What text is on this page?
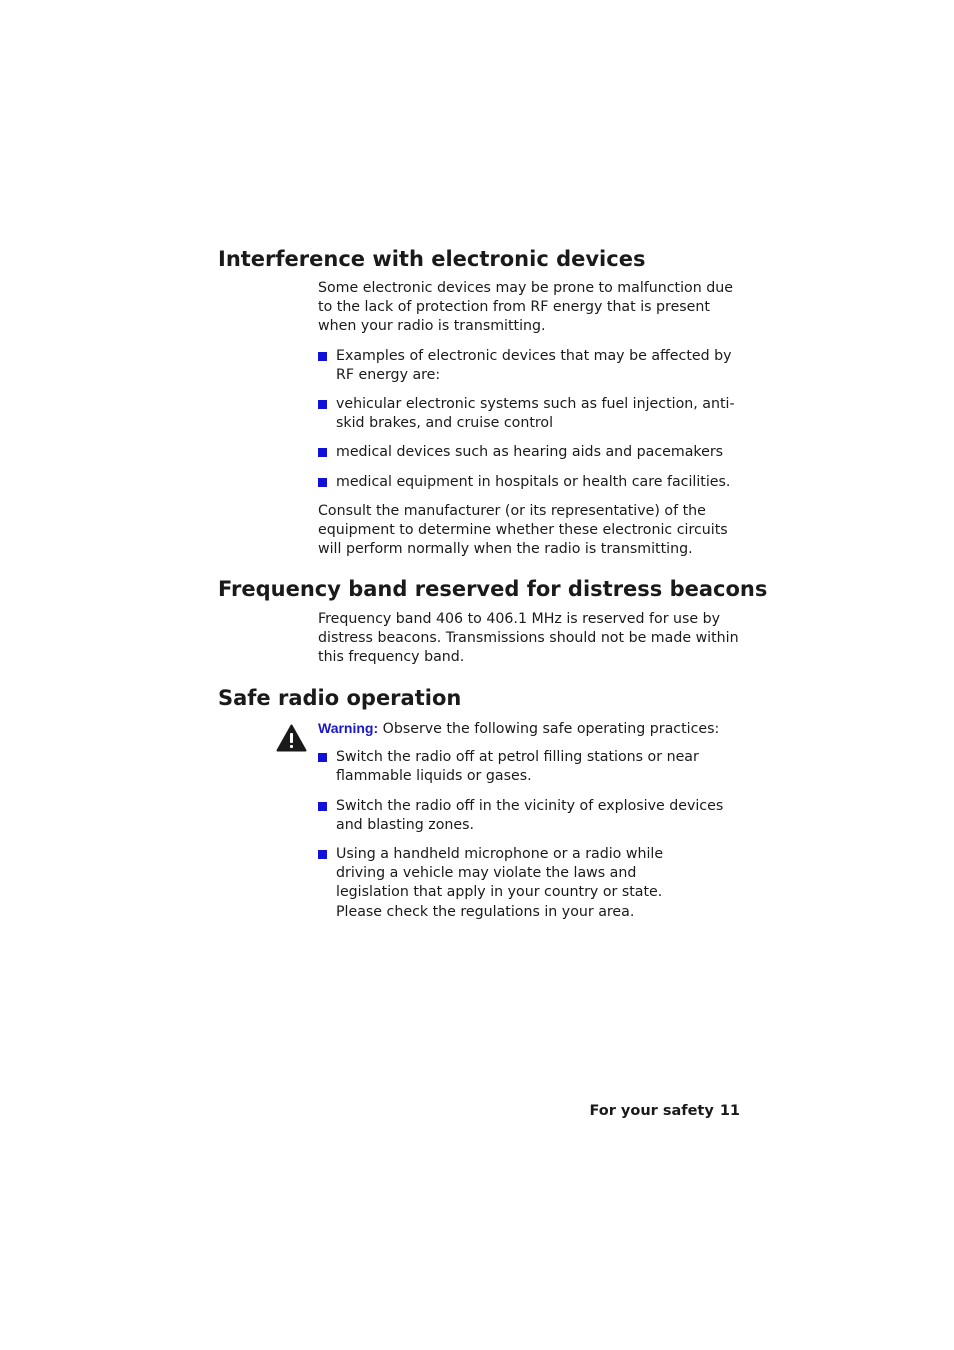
Interference with electronic devices

Some electronic devices may be prone to malfunction due to the lack of protection from RF energy that is present when your radio is transmitting.

Examples of electronic devices that may be affected by RF energy are:

vehicular electronic systems such as fuel injection, anti-skid brakes, and cruise control

medical devices such as hearing aids and pacemakers

medical equipment in hospitals or health care facilities.

Consult the manufacturer (or its representative) of the equipment to determine whether these electronic circuits will perform normally when the radio is transmitting.

Frequency band reserved for distress beacons

Frequency band 406 to 406.1 MHz is reserved for use by distress beacons. Transmissions should not be made within this frequency band.

Safe radio operation

Warning: Observe the following safe operating practices:

Switch the radio off at petrol filling stations or near flammable liquids or gases.

Switch the radio off in the vicinity of explosive devices and blasting zones.

Using a handheld microphone or a radio while driving a vehicle may violate the laws and legislation that apply in your country or state. Please check the regulations in your area.

For your safety 11
